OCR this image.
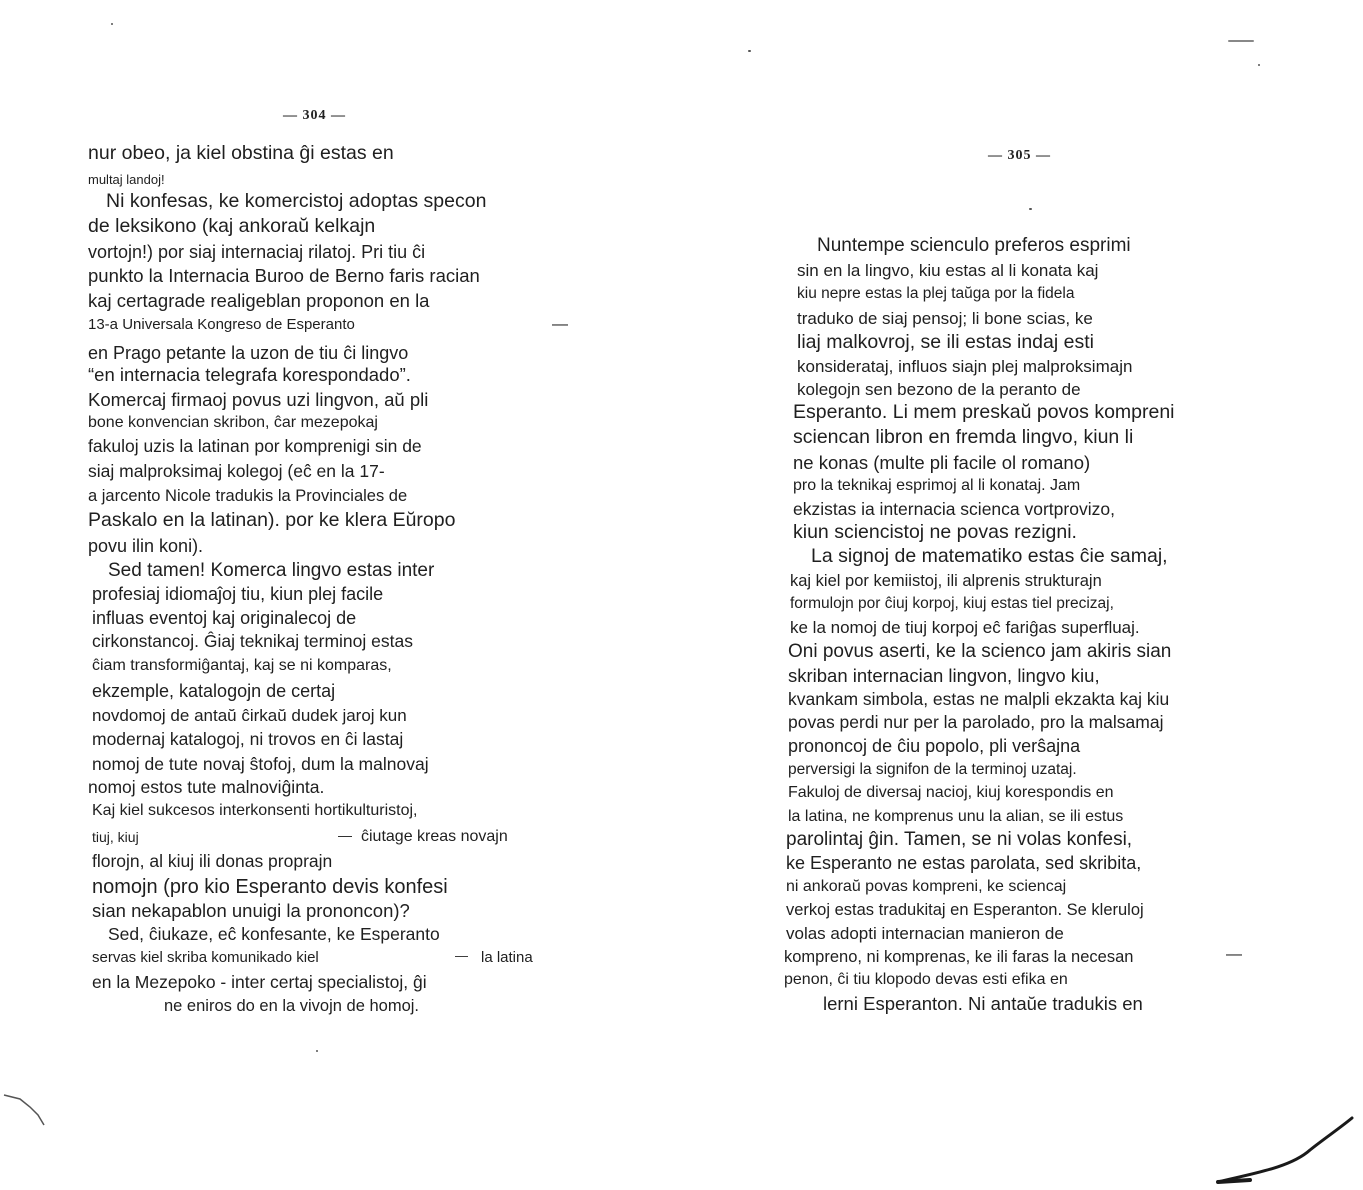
— 304 —
nur obeo, ja kiel obstina ĝi estas en
multaj landoj!
Ni konfesas, ke komercistoj adoptas specon
de leksikono (kaj ankoraŭ kelkajn
vortojn!) por siaj internaciaj rilatoj. Pri tiu ĉi
punkto la Internacia Buroo de Berno faris racian
kaj certagrade realigeblan proponon en la
13-a Universala Kongreso de Esperanto	—
en Prago petante la uzon de tiu ĉi lingvo
“en internacia telegrafa korespondado”.
Komercaj firmaoj povus uzi lingvon, aŭ pli
bone konvencian skribon, ĉar mezepokaj
fakuloj uzis la latinan por komprenigi sin de
siaj malproksimaj kolegoj (eĉ en la 17-
a jarcento Nicole tradukis la Provinciales de
Paskalo en la latinan). por ke klera Eŭropo
povu ilin koni).
Sed tamen! Komerca lingvo estas inter
profesiaj idiomaĵoj tiu, kiun plej facile
influas eventoj kaj originalecoj de
cirkonstancoj. Ĝiaj teknikaj terminoj estas
ĉiam transformiĝantaj, kaj se ni komparas,
ekzemple, katalogojn de certaj
novdomoj de antaŭ ĉirkaŭ dudek jaroj kun
modernaj katalogoj, ni trovos en ĉi lastaj
nomoj de tute novaj ŝtofoj, dum la malnovaj
nomoj estos tute malnoviĝinta.
Kaj kiel sukcesos interkonsenti hortikulturistoj,
tiuj, kiuj	— ĉiutage kreas novajn
florojn, al kiuj ili donas proprajn
nomojn (pro kio Esperanto devis konfesi
sian nekapablon unuigi la prononcon)?
Sed, ĉiukaze, eĉ konfesante, ke Esperanto
servas kiel skriba komunikado kiel	— la latina
en la Mezepoko - inter certaj specialistoj, ĝi
ne eniros do en la vivojn de homoj.
— 305 —
Nuntempe scienculo preferos esprimi
sin en la lingvo, kiu estas al li konata kaj
kiu nepre estas la plej taŭga por la fidela
traduko de siaj pensoj; li bone scias, ke
liaj malkovroj, se ili estas indaj esti
konsiderataj, influos siajn plej malproksimajn
kolegojn sen bezono de la peranto de
Esperanto. Li mem preskaŭ povos kompreni
sciencan libron en fremda lingvo, kiun li
ne konas (multe pli facile ol romano)
pro la teknikaj esprimoj al li konataj. Jam
ekzistas ia internacia scienca vortprovizo,
kiun sciencistoj ne povas rezigni.
La signoj de matematiko estas ĉie samaj,
kaj kiel por kemiistoj, ili alprenis strukturajn
formulojn por ĉiuj korpoj, kiuj estas tiel precizaj,
ke la nomoj de tiuj korpoj eĉ fariĝas superfluaj.
Oni povus aserti, ke la scienco jam akiris sian
skriban internacian lingvon, lingvo kiu,
kvankam simbola, estas ne malpli ekzakta kaj kiu
povas perdi nur per la parolado, pro la malsamaj
prononcoj de ĉiu popolo, pli verŝajna
perversigi la signifon de la terminoj uzataj.
Fakuloj de diversaj nacioj, kiuj korespondis en
la latina, ne komprenus unu la alian, se ili estus
parolintaj ĝin. Tamen, se ni volas konfesi,
ke Esperanto ne estas parolata, sed skribita,
ni ankoraŭ povas kompreni, ke sciencaj
verkoj estas tradukitaj en Esperanton. Se kleruloj
volas adopti internacian manieron de
kompreno, ni komprenas, ke ili faras la necesan	—
penon, ĉi tiu klopodo devas esti efika en
lerni Esperanton. Ni antaŭe tradukis en
